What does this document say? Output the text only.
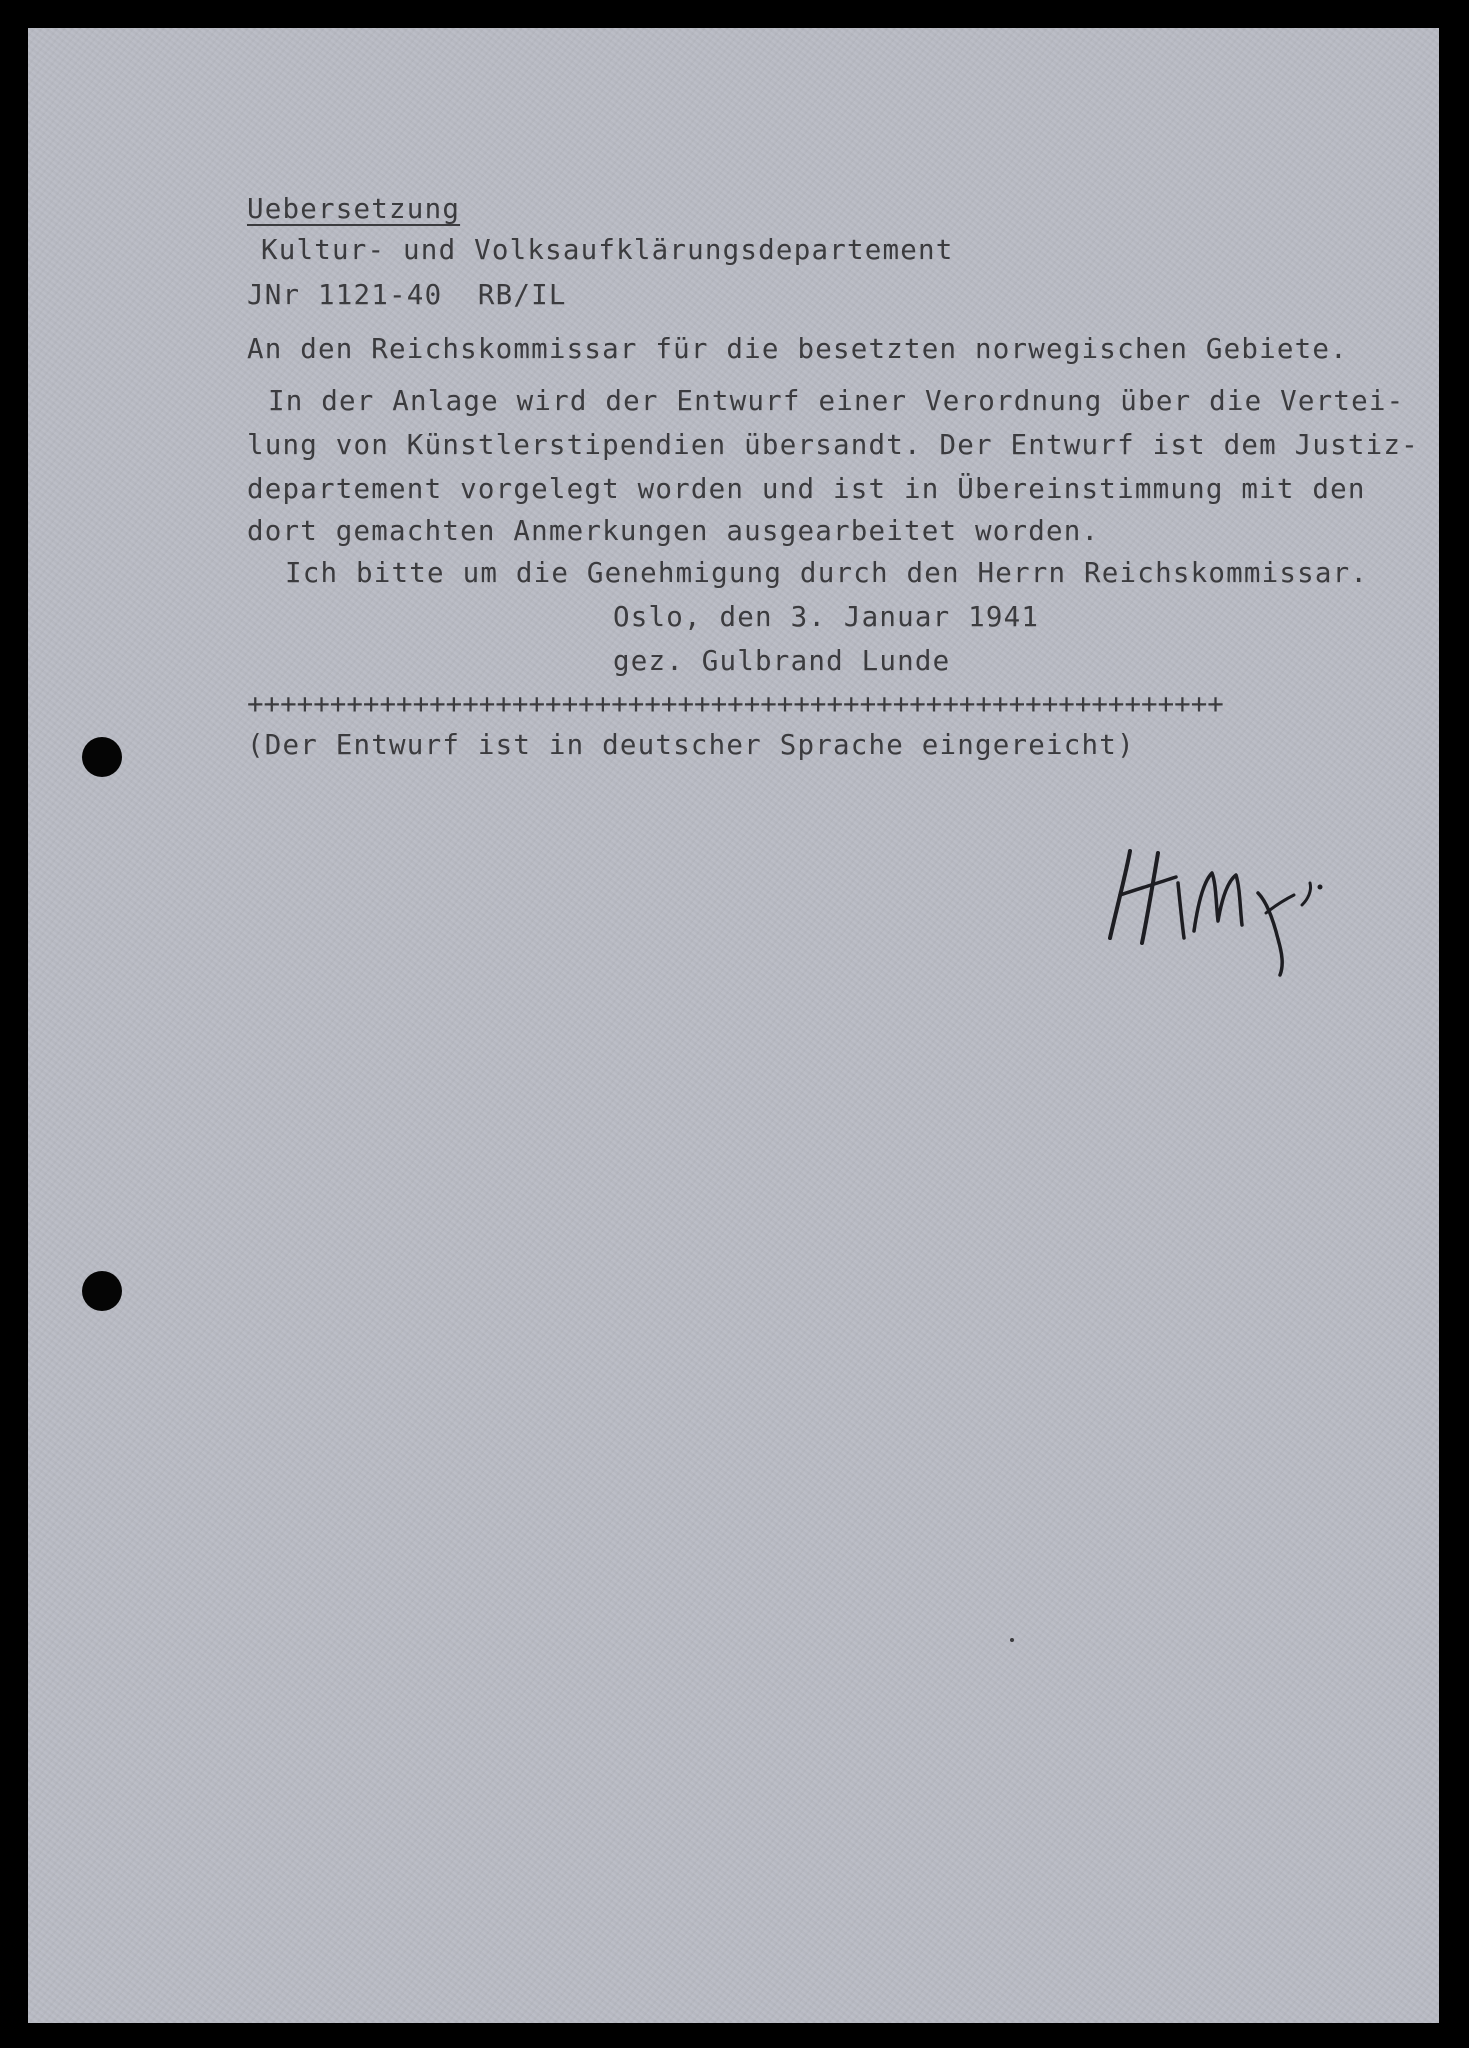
Uebersetzung
Kultur- und Volksaufklärungsdepartement
JNr 1121-40  RB/IL
An den Reichskommissar für die besetzten norwegischen Gebiete.
In der Anlage wird der Entwurf einer Verordnung über die Vertei-
lung von Künstlerstipendien übersandt. Der Entwurf ist dem Justiz-
departement vorgelegt worden und ist in Übereinstimmung mit den
dort gemachten Anmerkungen ausgearbeitet worden.
Ich bitte um die Genehmigung durch den Herrn Reichskommissar.
Oslo, den 3. Januar 1941
gez. Gulbrand Lunde
+++++++++++++++++++++++++++++++++++++++++++++++++++++++++++
(Der Entwurf ist in deutscher Sprache eingereicht)
